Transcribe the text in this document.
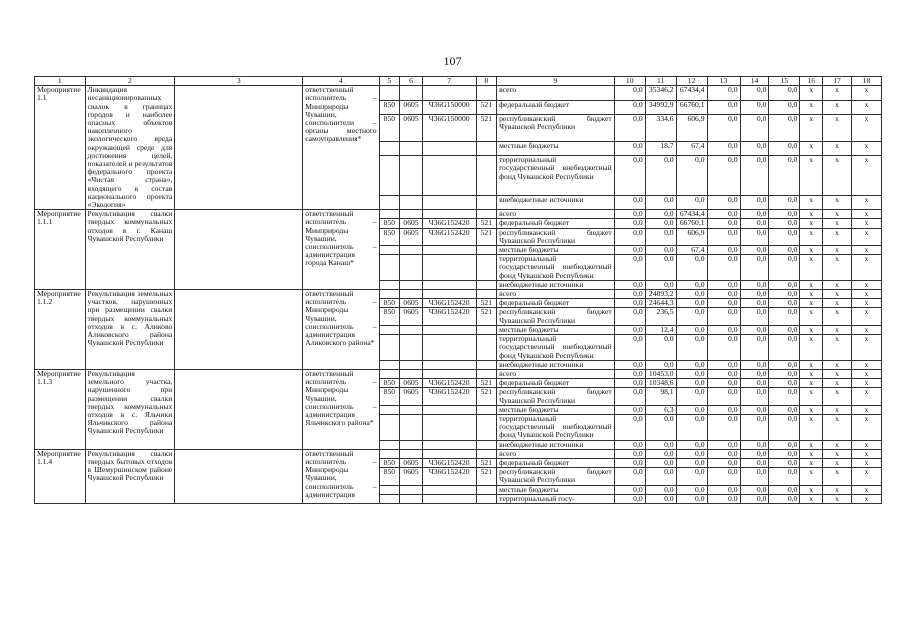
107
1	2	3	4	5	6	7	8	9	10	11	12	13	14	15	16	17	18
Мероприятие 1.1	Ликвидация несанкционированных свалок в границах городов и наиболее опасных объектов накопленного экологического вреда окружающей среде для достижения целей, показателей и результатов федерального проекта «Чистая страна», входящего в состав национального проекта «Экология»		ответственный исполнитель – Минприроды Чувашии, соисполнители – органы местного самоуправления*					всего	0,0	35346,2	67434,4	0,0	0,0	0,0	x	x	x
				850	0605	Ч36G150000	521	федеральный бюджет	0,0	34992,9	66760,1	0,0	0,0	0,0	x	x	x
				850	0605	Ч36G150000	521	республиканский бюджет Чувашской Республики	0,0	334,6	606,9	0,0	0,0	0,0	x	x	x
								местные бюджеты	0,0	18,7	67,4	0,0	0,0	0,0	x	x	x
								территориальный государственный внебюджетный фонд Чувашской Республики	0,0	0,0	0,0	0,0	0,0	0,0	x	x	x
								внебюджетные источники	0,0	0,0	0,0	0,0	0,0	0,0	x	x	x
Мероприятие 1.1.1	Рекультивация свалки твердых коммунальных отходов в г. Канаш Чувашской Республики		ответственный исполнитель – Минприроды Чувашии, соисполнитель – администрация города Канаш*					всего	0,0	0,0	67434,4	0,0	0,0	0,0	x	x	x
				850	0605	Ч36G152420	521	федеральный бюджет	0,0	0,0	66760,1	0,0	0,0	0,0	x	x	x
				850	0605	Ч36G152420	521	республиканский бюджет Чувашской Республики	0,0	0,0	606,9	0,0	0,0	0,0	x	x	x
								местные бюджеты	0,0	0,0	67,4	0,0	0,0	0,0	x	x	x
								территориальный государственный внебюджетный фонд Чувашской Республики	0,0	0,0	0,0	0,0	0,0	0,0	x	x	x
								внебюджетные источники	0,0	0,0	0,0	0,0	0,0	0,0	x	x	x
Мероприятие 1.1.2	Рекультивация земельных участков, нарушенных при размещении свалки твердых коммунальных отходов в с. Аликово Аликовского района Чувашской Республики		ответственный исполнитель – Минприроды Чувашии, соисполнитель – администрация Аликовского района*					всего	0,0	24893,2	0,0	0,0	0,0	0,0	x	x	x
				850	0605	Ч36G152420	521	федеральный бюджет	0,0	24644,3	0,0	0,0	0,0	0,0	x	x	x
				850	0605	Ч36G152420	521	республиканский бюджет Чувашской Республики	0,0	236,5	0,0	0,0	0,0	0,0	x	x	x
								местные бюджеты	0,0	12,4	0,0	0,0	0,0	0,0	x	x	x
								территориальный государственный внебюджетный фонд Чувашской Республики	0,0	0,0	0,0	0,0	0,0	0,0	x	x	x
								внебюджетные источники	0,0	0,0	0,0	0,0	0,0	0,0	x	x	x
Мероприятие 1.1.3	Рекультивация земельного участка, нарушенного при размещении свалки твердых коммунальных отходов в с. Яльчики Яльчикского района Чувашской Республики		ответственный исполнитель – Минприроды Чувашии, соисполнитель – администрация Яльчикского района*					всего	0,0	10453,0	0,0	0,0	0,0	0,0	x	x	x
				850	0605	Ч36G152420	521	федеральный бюджет	0,0	10348,6	0,0	0,0	0,0	0,0	x	x	x
				850	0605	Ч36G152420	521	республиканский бюджет Чувашской Республики	0,0	98,1	0,0	0,0	0,0	0,0	x	x	x
								местные бюджеты	0,0	6,3	0,0	0,0	0,0	0,0	x	x	x
								территориальный государственный внебюджетный фонд Чувашской Республики	0,0	0,0	0,0	0,0	0,0	0,0	x	x	x
								внебюджетные источники	0,0	0,0	0,0	0,0	0,0	0,0	x	x	x
Мероприятие 1.1.4	Рекультивация свалки твердых бытовых отходов в Шемуршинском районе Чувашской Республики		ответственный исполнитель – Минприроды Чувашии, соисполнитель – администрация					всего	0,0	0,0	0,0	0,0	0,0	0,0	x	x	x
				850	0605	Ч36G152420	521	федеральный бюджет	0,0	0,0	0,0	0,0	0,0	0,0	x	x	x
				850	0605	Ч36G152420	521	республиканский бюджет Чувашской Республики	0,0	0,0	0,0	0,0	0,0	0,0	x	x	x
								местные бюджеты	0,0	0,0	0,0	0,0	0,0	0,0	x	x	x
								территориальный госу-	0,0	0,0	0,0	0,0	0,0	0,0	x	x	x
